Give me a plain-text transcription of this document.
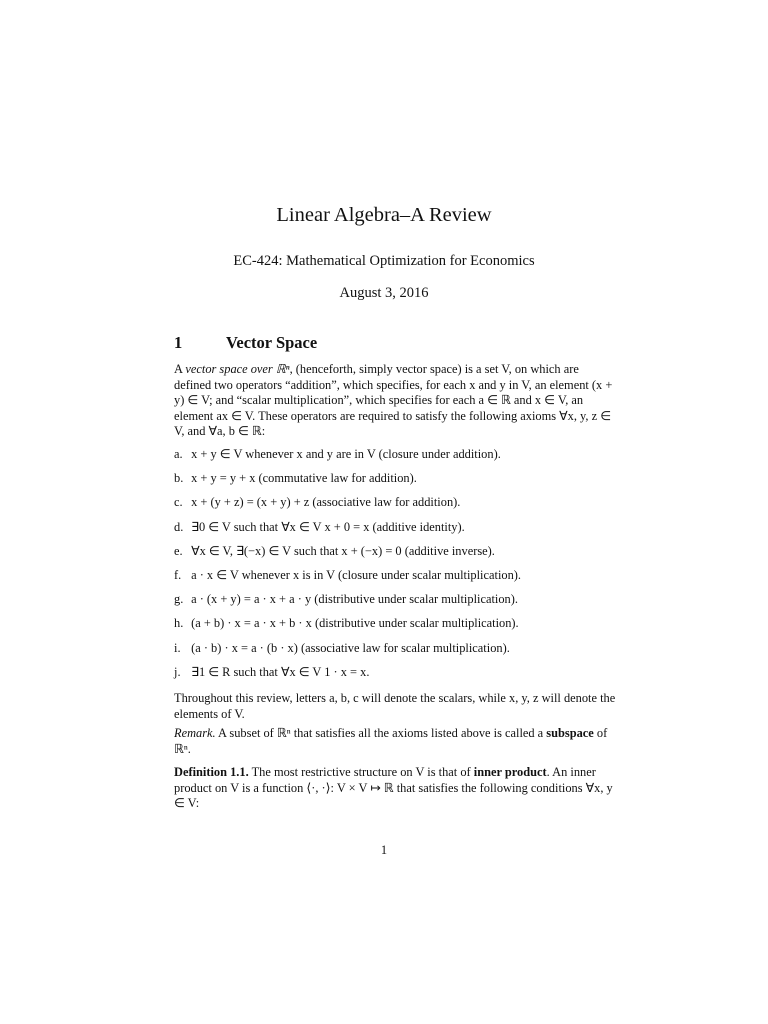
Linear Algebra–A Review
EC-424: Mathematical Optimization for Economics
August 3, 2016
1	Vector Space
A vector space over ℝⁿ, (henceforth, simply vector space) is a set V, on which are defined two operators “addition”, which specifies, for each x and y in V, an element (x + y) ∈ V; and “scalar multiplication”, which specifies for each a ∈ ℝ and x ∈ V, an element ax ∈ V. These operators are required to satisfy the following axioms ∀x, y, z ∈ V, and ∀a, b ∈ ℝ:
a. x + y ∈ V whenever x and y are in V (closure under addition).
b. x + y = y + x (commutative law for addition).
c. x + (y + z) = (x + y) + z (associative law for addition).
d. ∃0 ∈ V such that ∀x ∈ V x + 0 = x (additive identity).
e. ∀x ∈ V, ∃(−x) ∈ V such that x + (−x) = 0 (additive inverse).
f. a · x ∈ V whenever x is in V (closure under scalar multiplication).
g. a · (x + y) = a · x + a · y (distributive under scalar multiplication).
h. (a + b) · x = a · x + b · x (distributive under scalar multiplication).
i. (a · b) · x = a · (b · x) (associative law for scalar multiplication).
j. ∃1 ∈ R such that ∀x ∈ V 1 · x = x.
Throughout this review, letters a, b, c will denote the scalars, while x, y, z will denote the elements of V.
Remark. A subset of ℝⁿ that satisfies all the axioms listed above is called a subspace of ℝⁿ.
Definition 1.1. The most restrictive structure on V is that of inner product. An inner product on V is a function ⟨·, ·⟩: V × V ↦ ℝ that satisfies the following conditions ∀x, y ∈ V:
1
